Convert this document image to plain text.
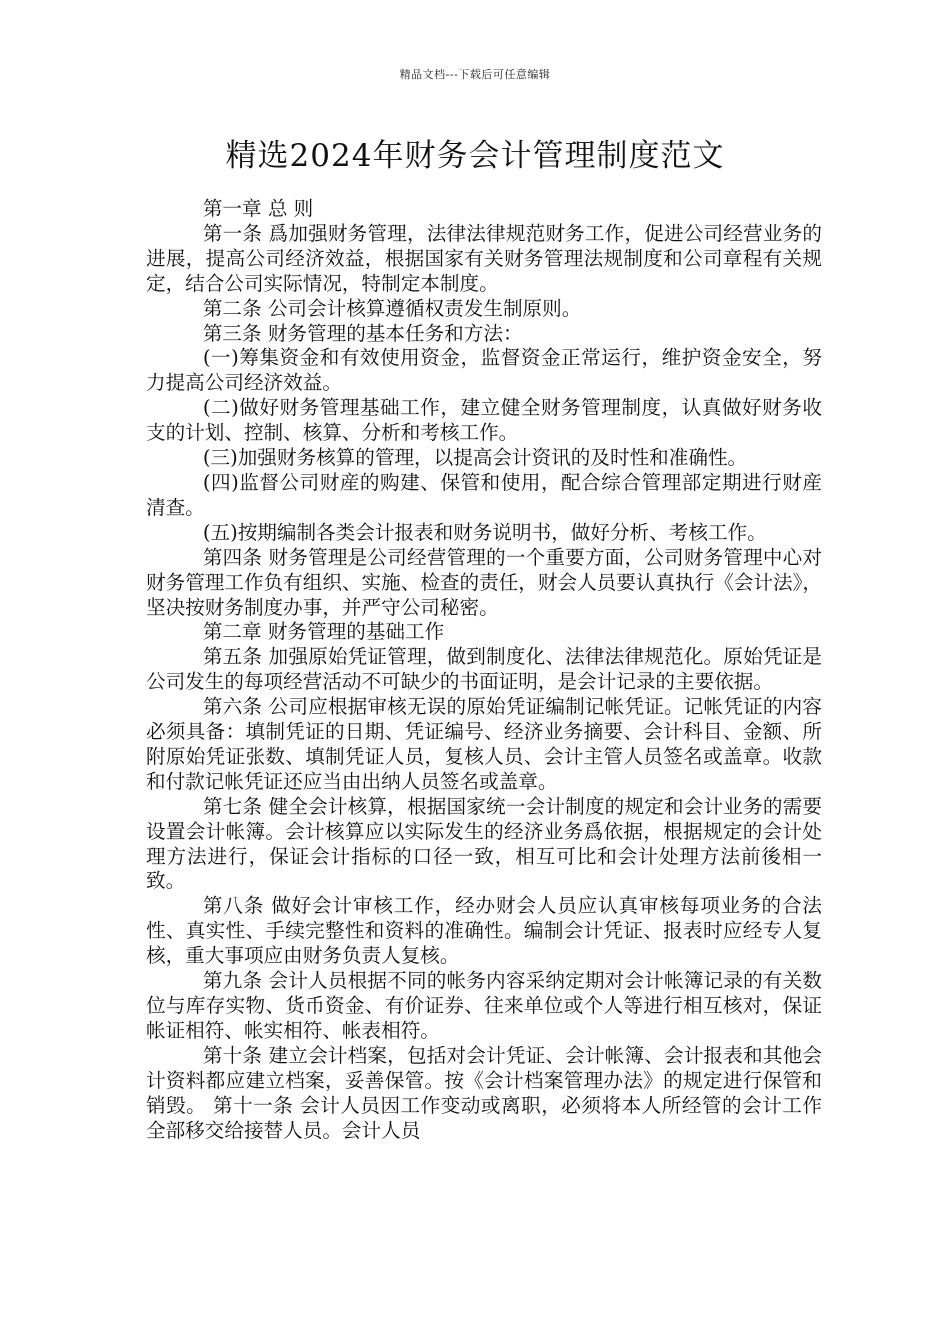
精品文档---下载后可任意编辑
精选2024年财务会计管理制度范文

第一章 总 则

第一条 爲加强财务管理，法律法律规范财务工作，促进公司经营业务的进展，提高公司经济效益，根据国家有关财务管理法规制度和公司章程有关规定，结合公司实际情况，特制定本制度。

第二条 公司会计核算遵循权责发生制原则。

第三条 财务管理的基本任务和方法：

(一)筹集资金和有效使用资金，监督资金正常运行，维护资金安全，努力提高公司经济效益。

(二)做好财务管理基础工作，建立健全财务管理制度，认真做好财务收支的计划、控制、核算、分析和考核工作。

(三)加强财务核算的管理，以提高会计资讯的及时性和准确性。

(四)监督公司财産的购建、保管和使用，配合综合管理部定期进行财産清查。

(五)按期编制各类会计报表和财务说明书，做好分析、考核工作。

第四条 财务管理是公司经营管理的一个重要方面，公司财务管理中心对财务管理工作负有组织、实施、检查的责任，财会人员要认真执行《会计法》，坚决按财务制度办事，并严守公司秘密。

第二章 财务管理的基础工作

第五条 加强原始凭证管理，做到制度化、法律法律规范化。原始凭证是公司发生的每项经营活动不可缺少的书面证明，是会计记录的主要依据。

第六条 公司应根据审核无误的原始凭证编制记帐凭证。记帐凭证的内容必须具备：填制凭证的日期、凭证编号、经济业务摘要、会计科目、金额、所附原始凭证张数、填制凭证人员，复核人员、会计主管人员签名或盖章。收款和付款记帐凭证还应当由出纳人员签名或盖章。

第七条 健全会计核算，根据国家统一会计制度的规定和会计业务的需要设置会计帐簿。会计核算应以实际发生的经济业务爲依据，根据规定的会计处理方法进行，保证会计指标的口径一致，相互可比和会计处理方法前後相一致。

第八条 做好会计审核工作，经办财会人员应认真审核每项业务的合法性、真实性、手续完整性和资料的准确性。编制会计凭证、报表时应经专人复核，重大事项应由财务负责人复核。

第九条 会计人员根据不同的帐务内容采纳定期对会计帐簿记录的有关数位与库存实物、货币资金、有价证券、往来单位或个人等进行相互核对，保证帐证相符、帐实相符、帐表相符。

第十条 建立会计档案，包括对会计凭证、会计帐簿、会计报表和其他会计资料都应建立档案，妥善保管。按《会计档案管理办法》的规定进行保管和销毁。 第十一条 会计人员因工作变动或离职，必须将本人所经管的会计工作全部移交给接替人员。会计人员
